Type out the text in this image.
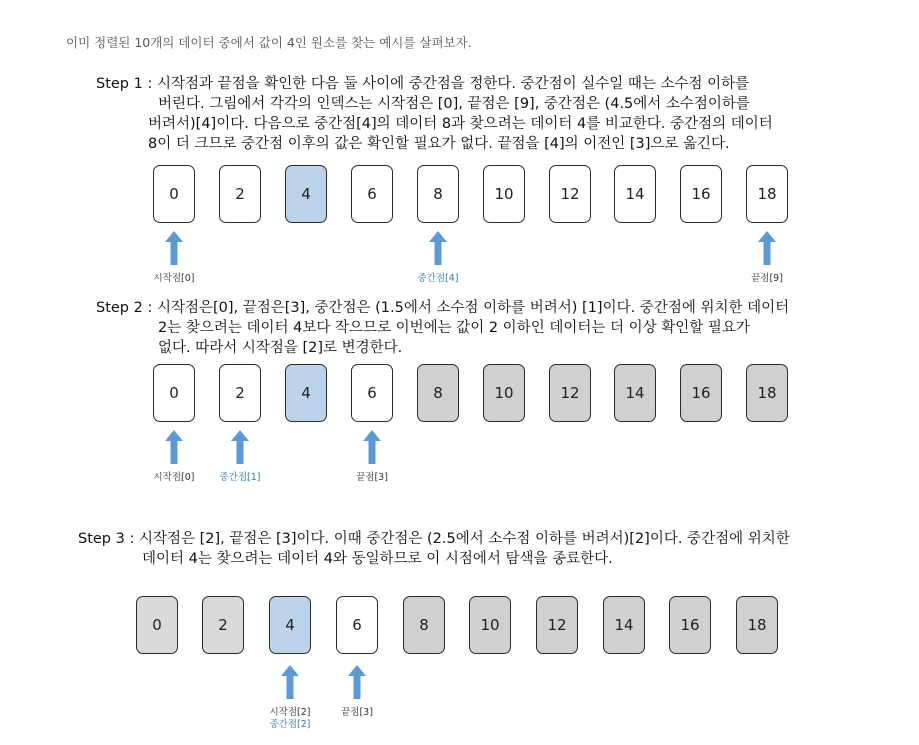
이미 정렬된 10개의 데이터 중에서 값이 4인 원소를 찾는 예시를 살펴보자.
Step 1 : 시작점과 끝점을 확인한 다음 둘 사이에 중간점을 정한다. 중간점이 실수일 때는 소수점 이하를
버린다. 그림에서 각각의 인덱스는 시작점은 [0], 끝점은 [9], 중간점은 (4.5에서 소수점이하를
버려서)[4]이다. 다음으로 중간점[4]의 데이터 8과 찾으려는 데이터 4를 비교한다. 중간점의 데이터
8이 더 크므로 중간점 이후의 값은 확인할 필요가 없다. 끝점을 [4]의 이전인 [3]으로 옮긴다.
Step 2 : 시작점은[0], 끝점은[3], 중간점은 (1.5에서 소수점 이하를 버려서) [1]이다. 중간점에 위치한 데이터
2는 찾으려는 데이터 4보다 작으므로 이번에는 값이 2 이하인 데이터는 더 이상 확인할 필요가
없다. 따라서 시작점을 [2]로 변경한다.
Step 3 : 시작점은 [2], 끝점은 [3]이다. 이때 중간점은 (2.5에서 소수점 이하를 버려서)[2]이다. 중간점에 위치한
데이터 4는 찾으려는 데이터 4와 동일하므로 이 시점에서 탐색을 종료한다.
0	2	4	6	8	10	12	14	16	18
시작점[0]	중간점[4]	끝점[9]
0	2	4	6	8	10	12	14	16	18
시작점[0]	중간점[1]	끝점[3]
0	2	4	6	8	10	12	14	16	18
시작점[2]
중간점[2]
끝점[3]
